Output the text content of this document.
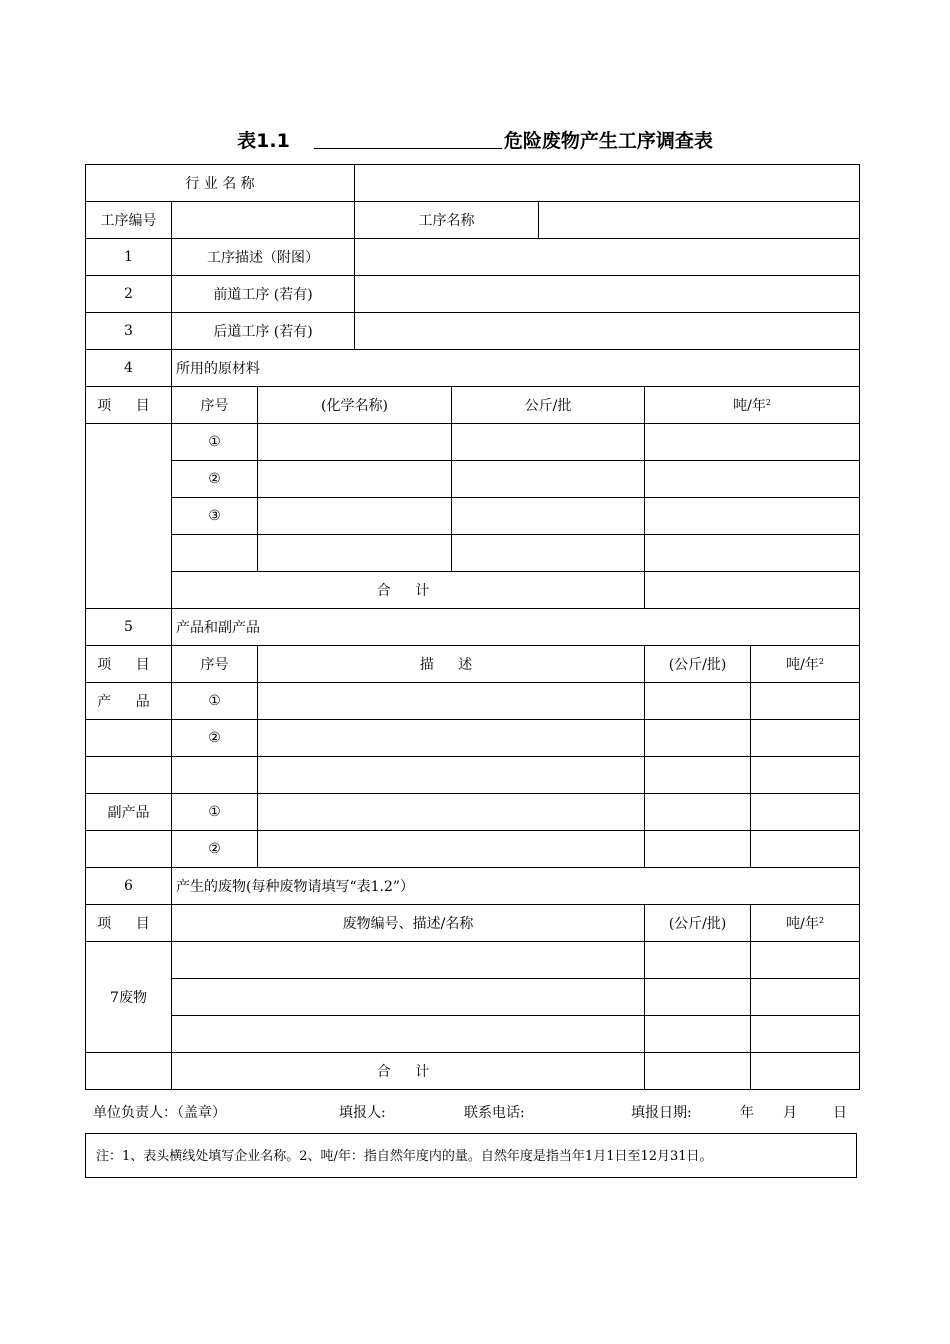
表1.1	危险废物产生工序调查表
行 业 名 称							
工序编号			工序名称				
1	工序描述（附图）						
2	前道工序 (若有)						
3	后道工序 (若有)						
4	所用的原材料						
项 目	序号	(化学名称)		公斤/批		吨/年$^2$
	①						
	②						
	③						

	合 计						
5	产品和副产品						
项 目	序号	描 述				(公斤/批)	吨/年$^2$
产 品	①						
	②						

副产品	①						
	②						
6	产生的废物(每种废物请填写“表1.2”）						
项 目	废物编号、描述/名称					(公斤/批)	吨/年$^2$
7废物							

	合 计						
单位负责人：（盖章）	填报人:	联系电话:	填报日期:	年 月	日
注：1、表头横线处填写企业名称。2、吨/年：指自然年度内的量。自然年度是指当年1月1日至12月31日。
